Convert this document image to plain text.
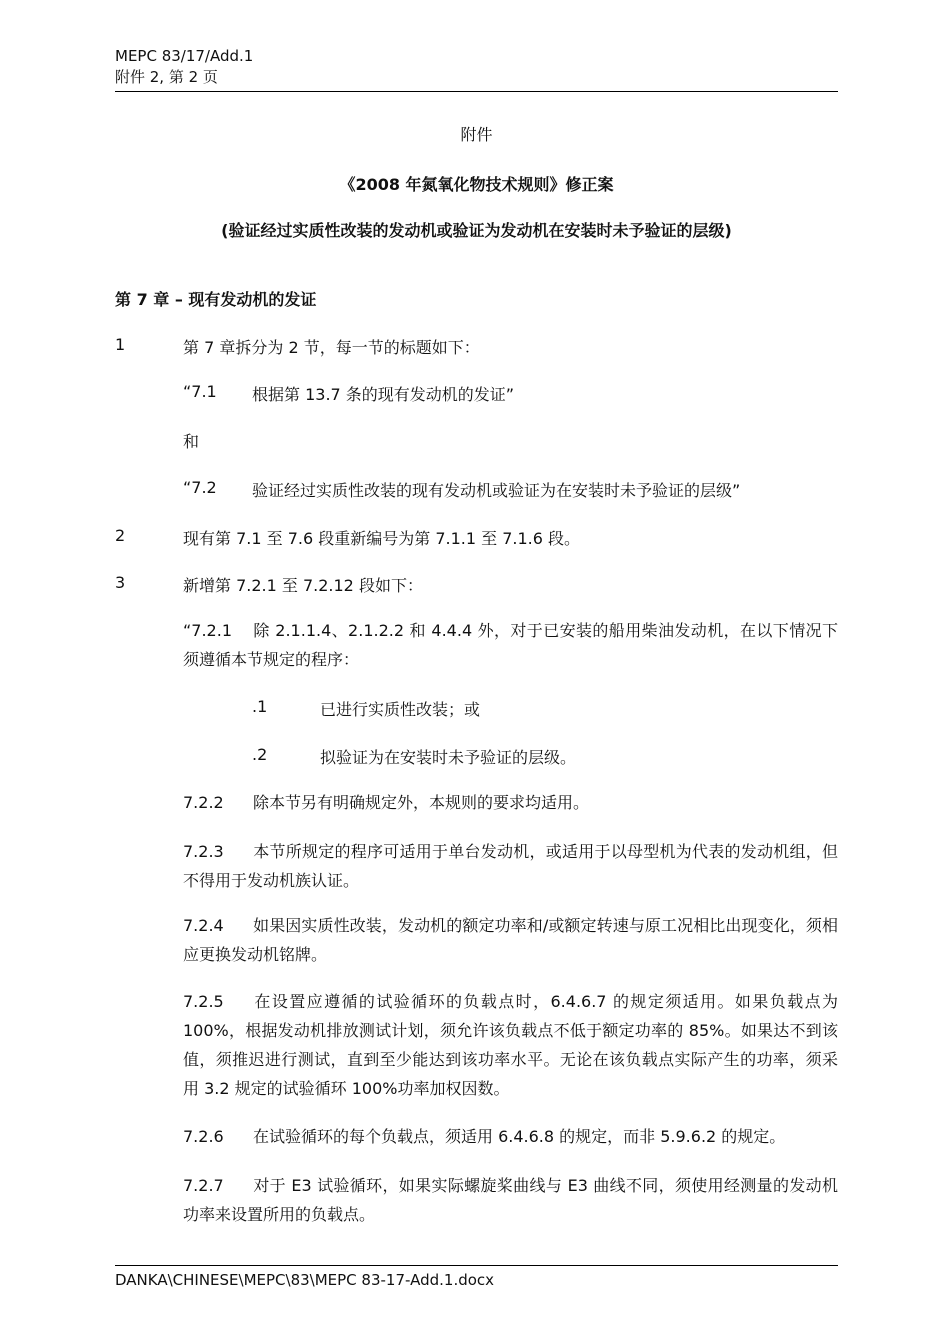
MEPC 83/17/Add.1
附件 2, 第 2 页
附件
《2008 年氮氧化物技术规则》修正案
(验证经过实质性改装的发动机或验证为发动机在安装时未予验证的层级)
第 7 章 – 现有发动机的发证
1	第 7 章拆分为 2 节，每一节的标题如下：
“7.1 根据第 13.7 条的现有发动机的发证”
和
“7.2 验证经过实质性改装的现有发动机或验证为在安装时未予验证的层级”
2	现有第 7.1 至 7.6 段重新编号为第 7.1.1 至 7.1.6 段。
3	新增第 7.2.1 至 7.2.12 段如下：
“7.2.1 除 2.1.1.4、2.1.2.2 和 4.4.4 外，对于已安装的船用柴油发动机，在以下情况下须遵循本节规定的程序：
.1	已进行实质性改装；或
.2	拟验证为在安装时未予验证的层级。
7.2.2 除本节另有明确规定外，本规则的要求均适用。
7.2.3 本节所规定的程序可适用于单台发动机，或适用于以母型机为代表的发动机组，但不得用于发动机族认证。
7.2.4 如果因实质性改装，发动机的额定功率和/或额定转速与原工况相比出现变化，须相应更换发动机铭牌。
7.2.5 在设置应遵循的试验循环的负载点时，6.4.6.7 的规定须适用。如果负载点为 100%，根据发动机排放测试计划，须允许该负载点不低于额定功率的 85%。如果达不到该值，须推迟进行测试，直到至少能达到该功率水平。无论在该负载点实际产生的功率，须采用 3.2 规定的试验循环 100%功率加权因数。
7.2.6 在试验循环的每个负载点，须适用 6.4.6.8 的规定，而非 5.9.6.2 的规定。
7.2.7 对于 E3 试验循环，如果实际螺旋桨曲线与 E3 曲线不同，须使用经测量的发动机功率来设置所用的负载点。
DANKA\CHINESE\MEPC\83\MEPC 83-17-Add.1.docx
